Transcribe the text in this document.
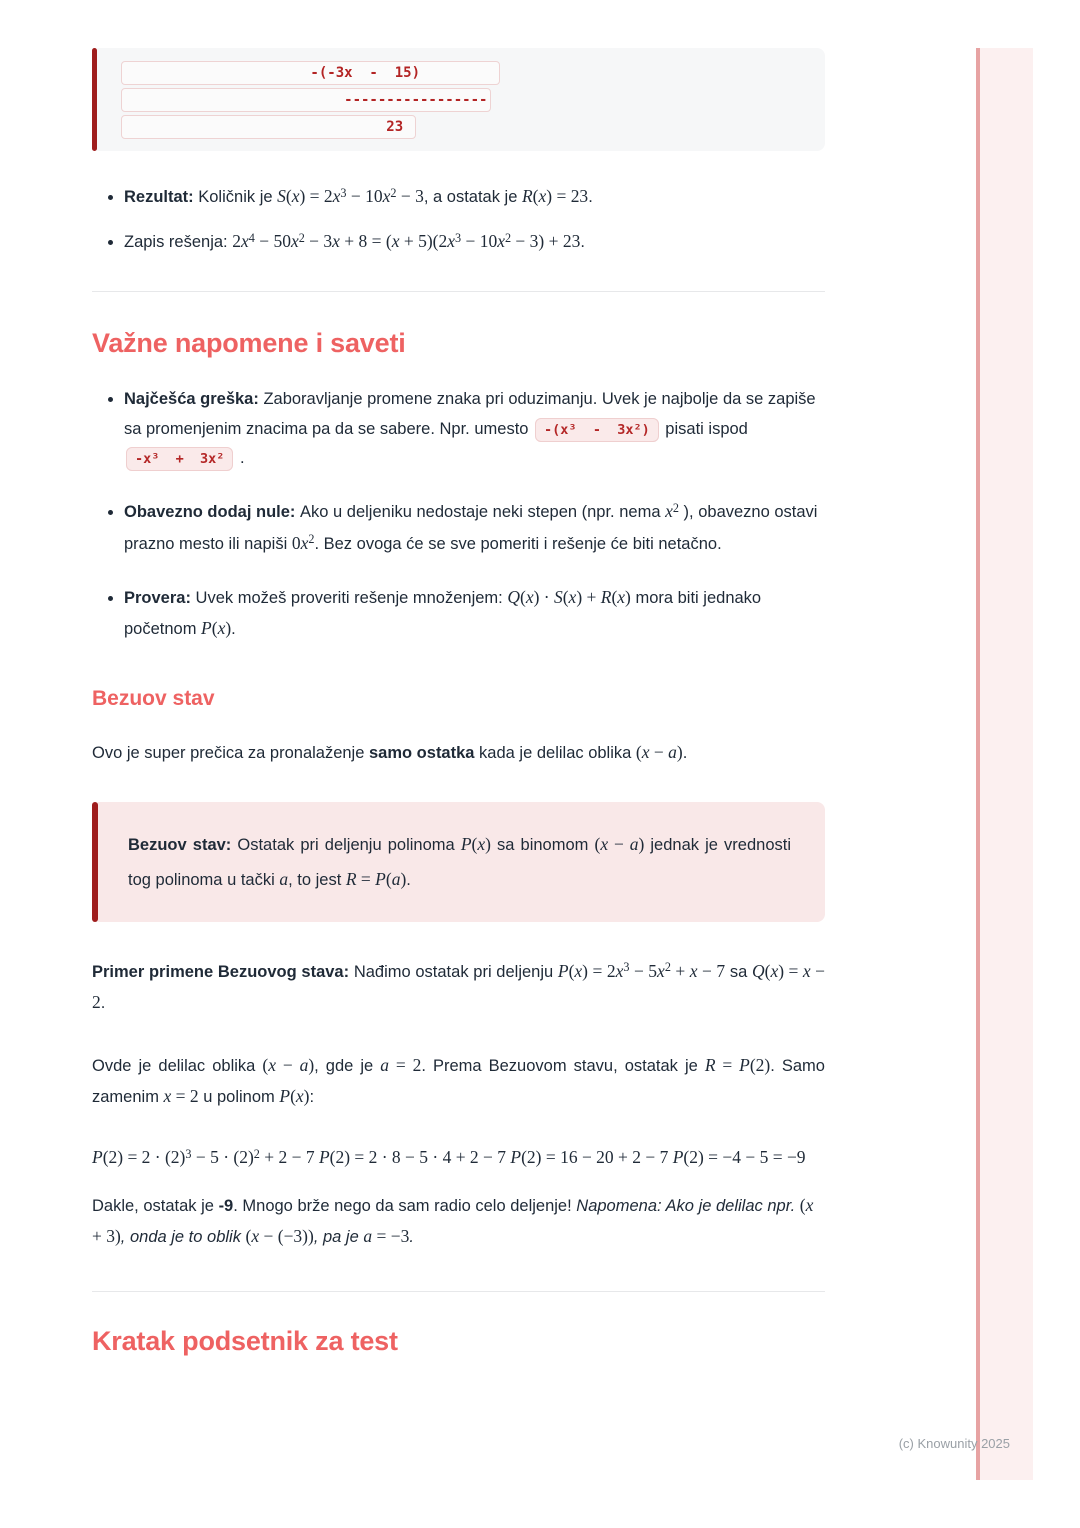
-(-3x  -  15)
-----------------
23
• Rezultat: Količnik je $S(x) = 2x^3 - 10x^2 - 3$, a ostatak je R(x) = 23.
• Zapis rešenja: $2x^4 - 50x^2 - 3x + 8 = (x + 5)(2x^3 - 10x^2 - 3) + 23$.
Važne napomene i saveti
• Najčešća greška: Zaboravljanje promene znaka pri oduzimanju. Uvek je najbolje da se zapiše sa promenjenim znacima pa da se sabere. Npr. umesto -(x³  -  3x²) pisati ispod -x³  +  3x² .
• Obavezno dodaj nule: Ako u deljeniku nedostaje neki stepen (npr. nema $x^2$ ), obavezno ostavi prazno mesto ili napiši $0x^2$. Bez ovoga će se sve pomeriti i rešenje će biti netačno.
• Provera: Uvek možeš proveriti rešenje množenjem: Q(x) · S(x) + R(x) mora biti jednako početnom P(x).
Bezuov stav

Ovo je super prečica za pronalaženje samo ostatka kada je delilac oblika (x − a).

Bezuov stav: Ostatak pri deljenju polinoma P(x) sa binomom (x − a) jednak je vrednosti tog polinoma u tački a, to jest R = P(a).

Primer primene Bezuovog stava: Nađimo ostatak pri deljenju $P(x) = 2x^3 - 5x^2 + x - 7$ sa Q(x) = x − 2.

Ovde je delilac oblika (x − a), gde je a = 2. Prema Bezuovom stavu, ostatak je R = P(2). Samo zamenim x = 2 u polinom P(x):

$P(2) = 2 \cdot (2)^3 - 5 \cdot (2)^2 + 2 - 7$ P(2) = 2 · 8 − 5 · 4 + 2 − 7 P(2) = 16 − 20 + 2 − 7 P(2) = −4 − 5 = −9

Dakle, ostatak je -9. Mnogo brže nego da sam radio celo deljenje! Napomena: Ako je delilac npr. (x + 3), onda je to oblik (x − (−3)), pa je a = −3.

Kratak podsetnik za test
(c) Knowunity 2025
